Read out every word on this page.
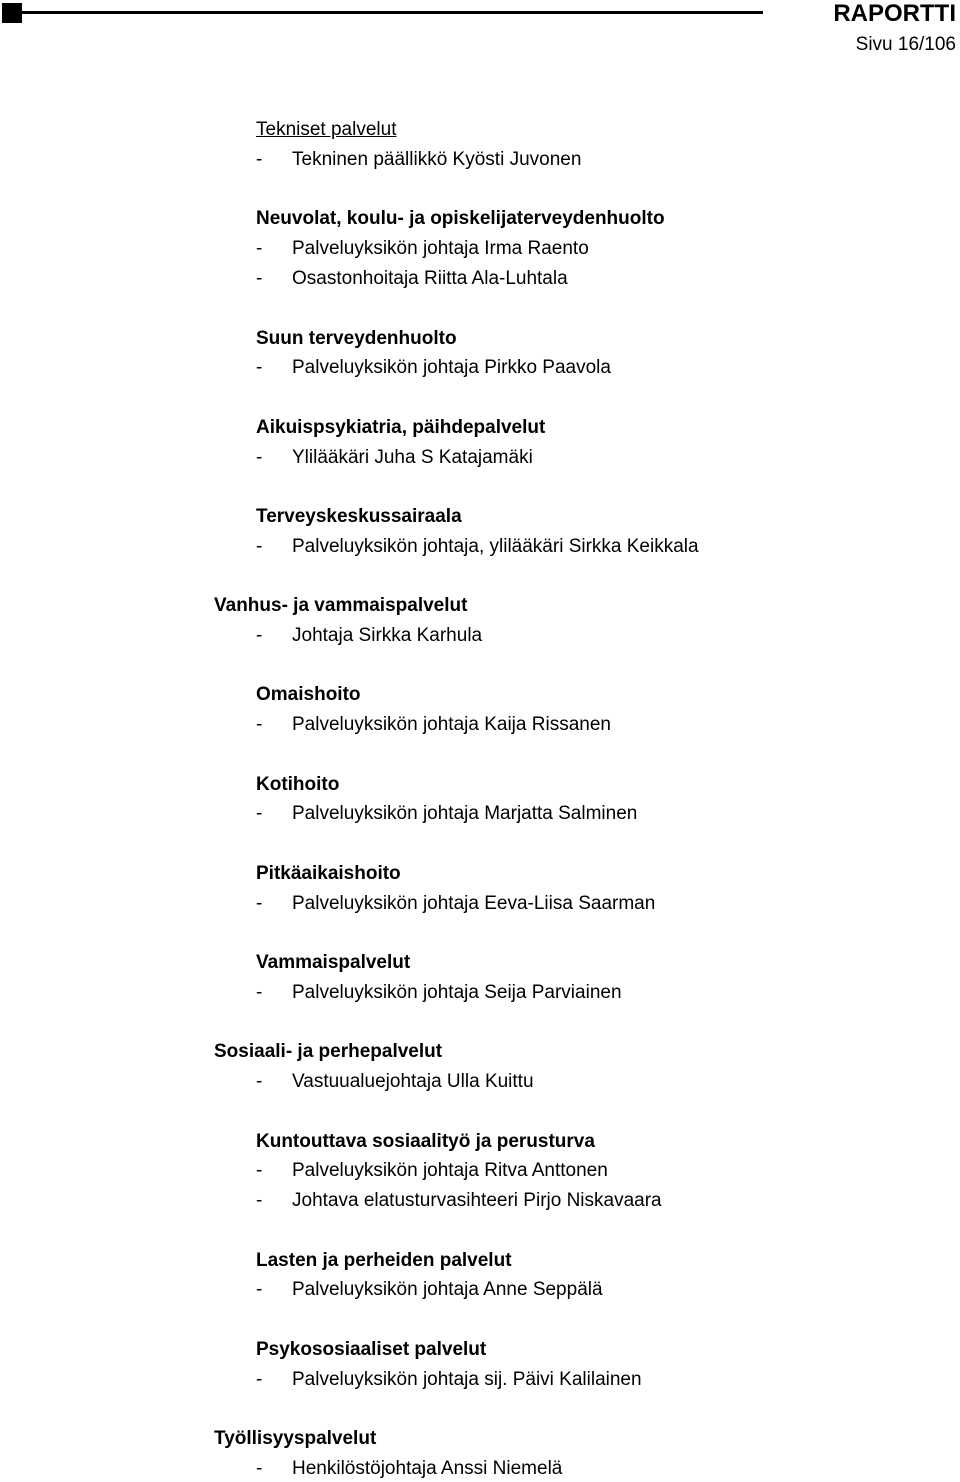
RAPORTTI
Sivu 16/106
Tekniset palvelut
- Tekninen päällikkö Kyösti Juvonen
Neuvolat, koulu- ja opiskelijaterveydenhuolto
- Palveluyksikön johtaja Irma Raento
- Osastonhoitaja Riitta Ala-Luhtala
Suun terveydenhuolto
- Palveluyksikön johtaja Pirkko Paavola
Aikuispsykiatria, päihdepalvelut
- Ylilääkäri Juha S Katajamäki
Terveyskeskussairaala
- Palveluyksikön johtaja, ylilääkäri Sirkka Keikkala
Vanhus- ja vammaispalvelut
- Johtaja Sirkka Karhula
Omaishoito
- Palveluyksikön johtaja Kaija Rissanen
Kotihoito
- Palveluyksikön johtaja Marjatta Salminen
Pitkäaikaishoito
- Palveluyksikön johtaja Eeva-Liisa Saarman
Vammaispalvelut
- Palveluyksikön johtaja Seija Parviainen
Sosiaali- ja perhepalvelut
- Vastuualuejohtaja Ulla Kuittu
Kuntouttava sosiaalityö ja perusturva
- Palveluyksikön johtaja Ritva Anttonen
- Johtava elatusturvasihteeri Pirjo Niskavaara
Lasten ja perheiden palvelut
- Palveluyksikön johtaja Anne Seppälä
Psykososiaaliset palvelut
- Palveluyksikön johtaja sij. Päivi Kalilainen
Työllisyyspalvelut
- Henkilöstöjohtaja Anssi Niemelä
